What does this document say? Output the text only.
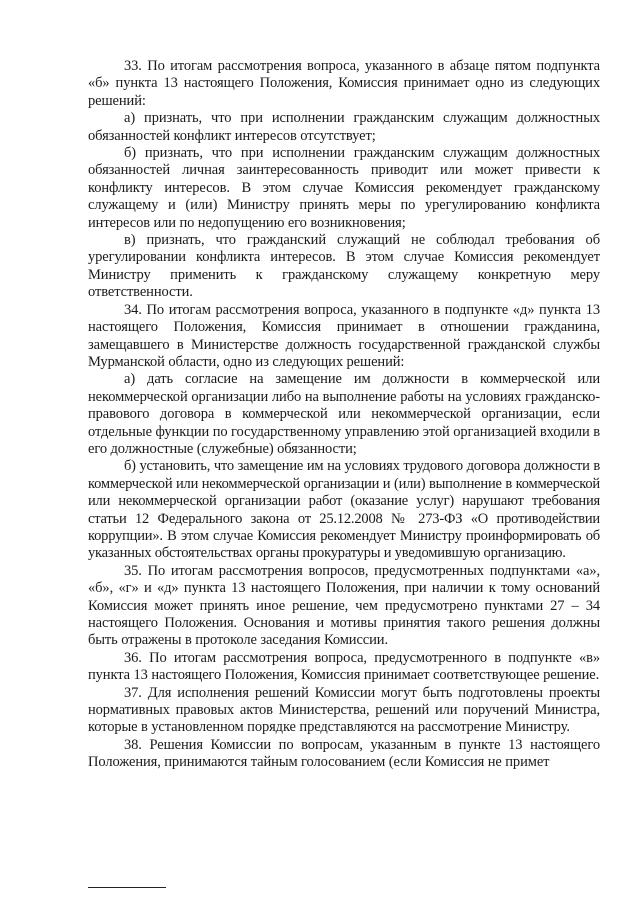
33. По итогам рассмотрения вопроса, указанного в абзаце пятом подпункта «б» пункта 13 настоящего Положения, Комиссия принимает одно из следующих решений:

а) признать, что при исполнении гражданским служащим должностных обязанностей конфликт интересов отсутствует;

б) признать, что при исполнении гражданским служащим должностных обязанностей личная заинтересованность приводит или может привести к конфликту интересов. В этом случае Комиссия рекомендует гражданскому служащему и (или) Министру принять меры по урегулированию конфликта интересов или по недопущению его возникновения;

в) признать, что гражданский служащий не соблюдал требования об урегулировании конфликта интересов. В этом случае Комиссия рекомендует Министру применить к гражданскому служащему конкретную меру ответственности.

34. По итогам рассмотрения вопроса, указанного в подпункте «д» пункта 13 настоящего Положения, Комиссия принимает в отношении гражданина, замещавшего в Министерстве должность государственной гражданской службы Мурманской области, одно из следующих решений:

а) дать согласие на замещение им должности в коммерческой или некоммерческой организации либо на выполнение работы на условиях гражданско-правового договора в коммерческой или некоммерческой организации, если отдельные функции по государственному управлению этой организацией входили в его должностные (служебные) обязанности;

б) установить, что замещение им на условиях трудового договора должности в коммерческой или некоммерческой организации и (или) выполнение в коммерческой или некоммерческой организации работ (оказание услуг) нарушают требования статьи 12 Федерального закона от 25.12.2008 № 273-ФЗ «О противодействии коррупции». В этом случае Комиссия рекомендует Министру проинформировать об указанных обстоятельствах органы прокуратуры и уведомившую организацию.

35. По итогам рассмотрения вопросов, предусмотренных подпунктами «а», «б», «г» и «д» пункта 13 настоящего Положения, при наличии к тому оснований Комиссия может принять иное решение, чем предусмотрено пунктами 27 – 34 настоящего Положения. Основания и мотивы принятия такого решения должны быть отражены в протоколе заседания Комиссии.

36. По итогам рассмотрения вопроса, предусмотренного в подпункте «в» пункта 13 настоящего Положения, Комиссия принимает соответствующее решение.

37. Для исполнения решений Комиссии могут быть подготовлены проекты нормативных правовых актов Министерства, решений или поручений Министра, которые в установленном порядке представляются на рассмотрение Министру.

38. Решения Комиссии по вопросам, указанным в пункте 13 настоящего Положения, принимаются тайным голосованием (если Комиссия не примет
